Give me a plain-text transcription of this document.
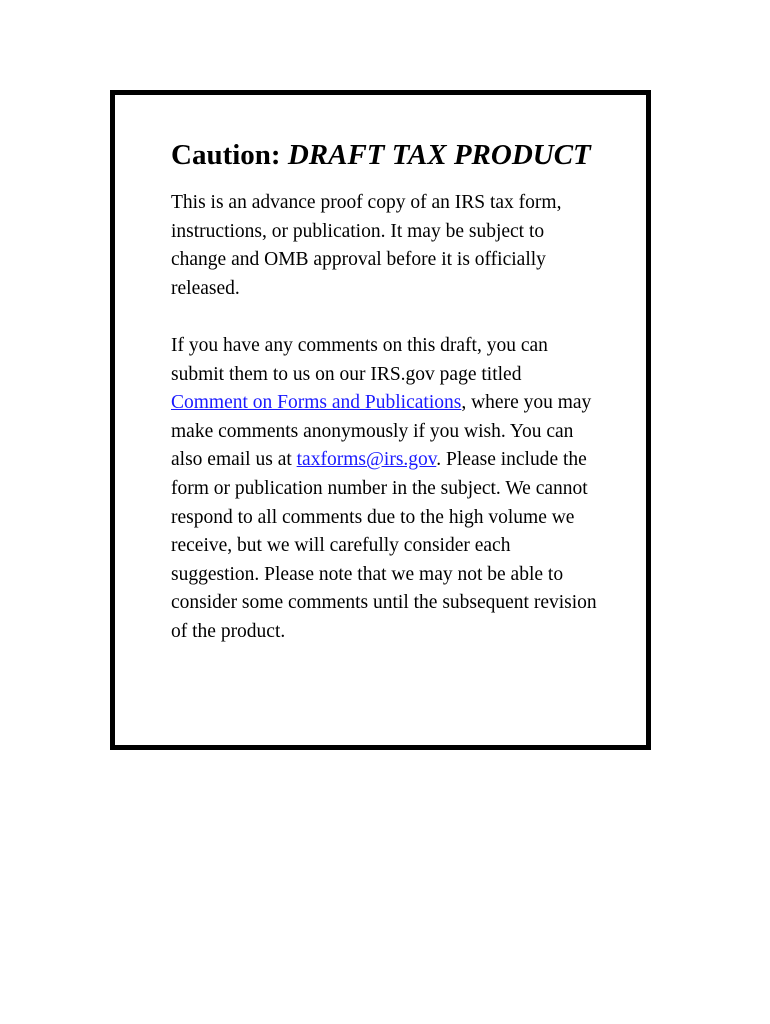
Caution: DRAFT TAX PRODUCT

This is an advance proof copy of an IRS tax form, instructions, or publication. It may be subject to change and OMB approval before it is officially released.

If you have any comments on this draft, you can submit them to us on our IRS.gov page titled Comment on Forms and Publications, where you may make comments anonymously if you wish. You can also email us at taxforms@irs.gov. Please include the form or publication number in the subject. We cannot respond to all comments due to the high volume we receive, but we will carefully consider each suggestion. Please note that we may not be able to consider some comments until the subsequent revision of the product.
